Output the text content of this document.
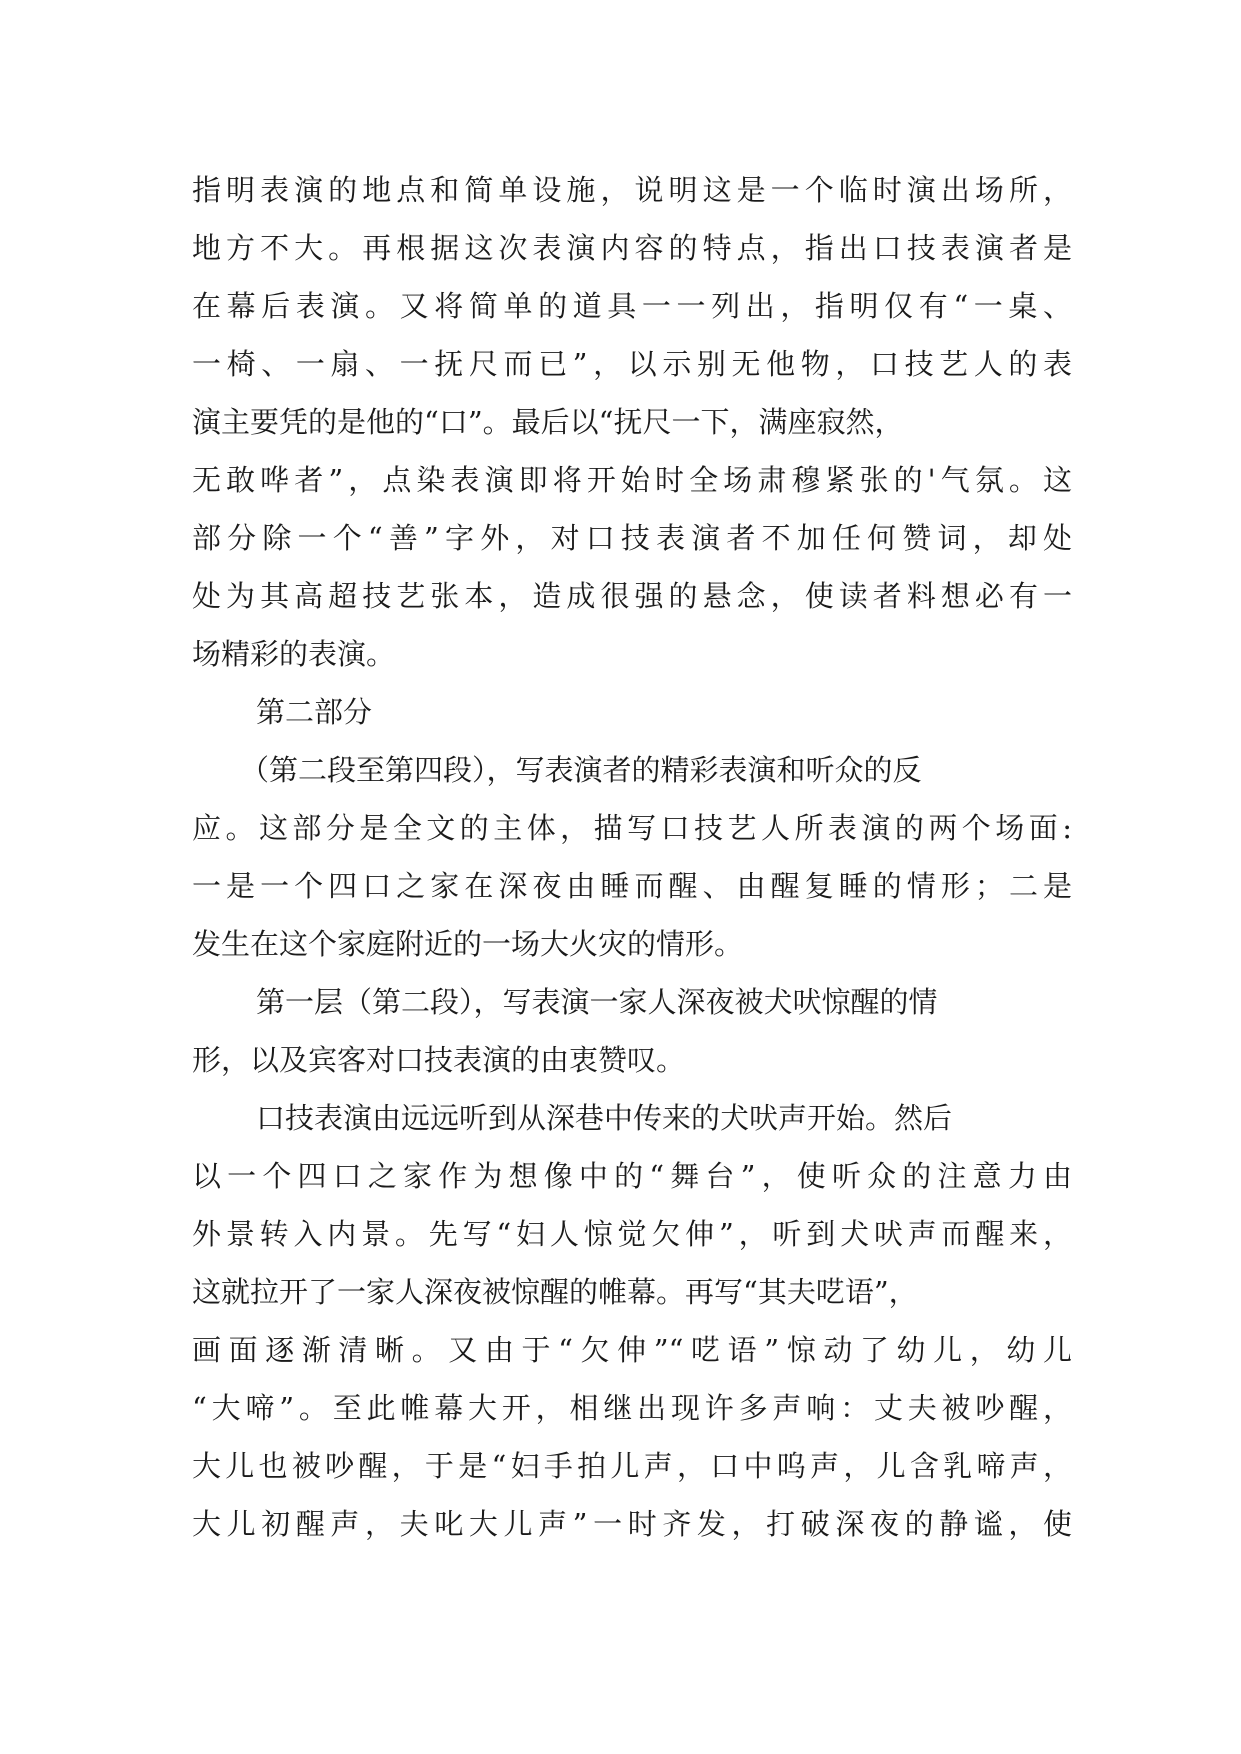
指明表演的地点和简单设施，说明这是一个临时演出场所，
地方不大。再根据这次表演内容的特点，指出口技表演者是
在幕后表演。又将简单的道具一一列出，指明仅有“一桌、
一椅、一扇、一抚尺而已”，以示别无他物，口技艺人的表
演主要凭的是他的“口”。最后以“抚尺一下，满座寂然，
无敢哗者”，点染表演即将开始时全场肃穆紧张的'气氛。这
部分除一个“善”字外，对口技表演者不加任何赞词，却处
处为其高超技艺张本，造成很强的悬念，使读者料想必有一
场精彩的表演。
第二部分
（第二段至第四段），写表演者的精彩表演和听众的反
应。这部分是全文的主体，描写口技艺人所表演的两个场面:
一是一个四口之家在深夜由睡而醒、由醒复睡的情形；二是
发生在这个家庭附近的一场大火灾的情形。
第一层（第二段），写表演一家人深夜被犬吠惊醒的情
形，以及宾客对口技表演的由衷赞叹。
口技表演由远远听到从深巷中传来的犬吠声开始。然后
以一个四口之家作为想像中的“舞台”，使听众的注意力由
外景转入内景。先写“妇人惊觉欠伸”，听到犬吠声而醒来，
这就拉开了一家人深夜被惊醒的帷幕。再写“其夫呓语”，
画面逐渐清晰。又由于“欠伸”“呓语”惊动了幼儿，幼儿
“大啼”。至此帷幕大开，相继出现许多声响：丈夫被吵醒，
大儿也被吵醒，于是“妇手拍儿声，口中呜声，儿含乳啼声，
大儿初醒声，夫叱大儿声”一时齐发，打破深夜的静谧，使
